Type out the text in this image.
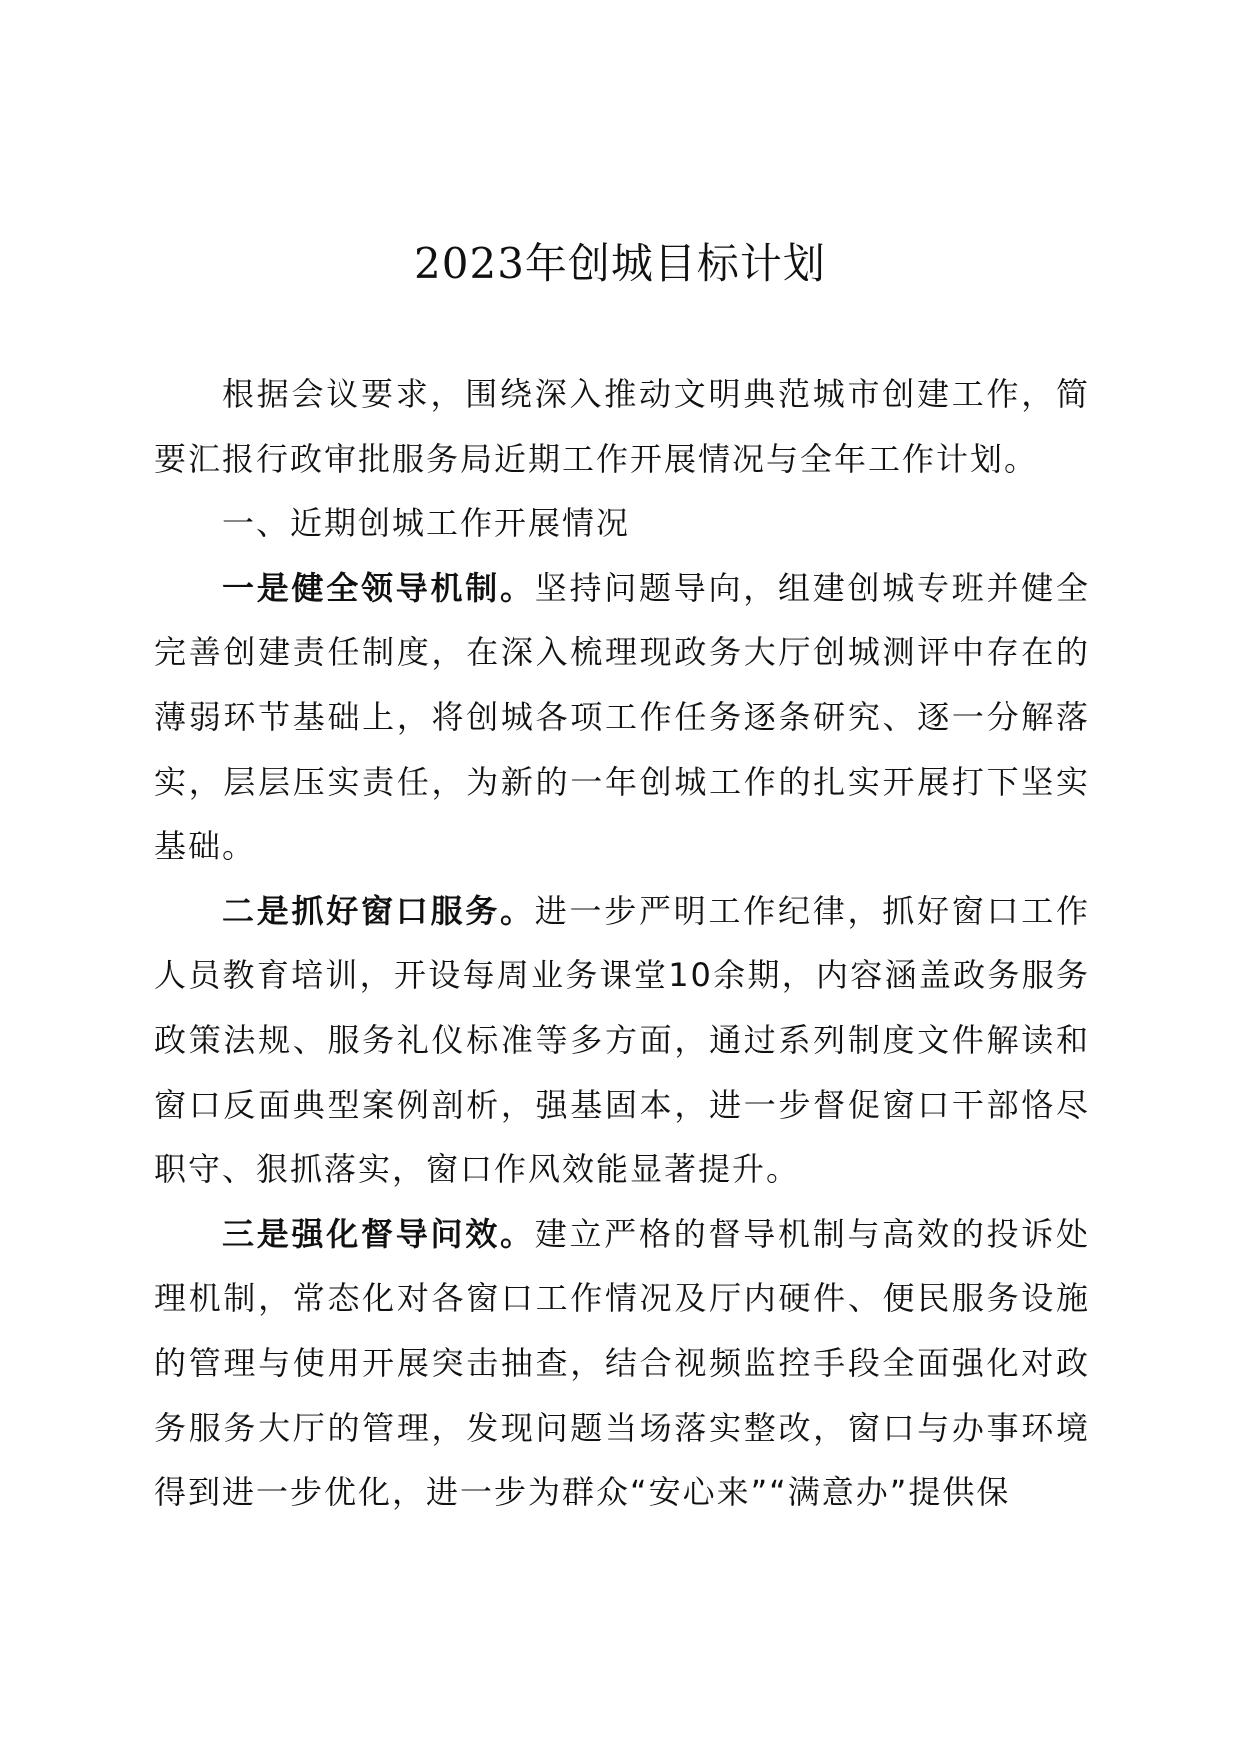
2023年创城目标计划

根据会议要求，围绕深入推动文明典范城市创建工作，简要汇报行政审批服务局近期工作开展情况与全年工作计划。

一、近期创城工作开展情况

一是健全领导机制。坚持问题导向，组建创城专班并健全完善创建责任制度，在深入梳理现政务大厅创城测评中存在的薄弱环节基础上，将创城各项工作任务逐条研究、逐一分解落实，层层压实责任，为新的一年创城工作的扎实开展打下坚实基础。

二是抓好窗口服务。进一步严明工作纪律，抓好窗口工作人员教育培训，开设每周业务课堂10余期，内容涵盖政务服务政策法规、服务礼仪标准等多方面，通过系列制度文件解读和窗口反面典型案例剖析，强基固本，进一步督促窗口干部恪尽职守、狠抓落实，窗口作风效能显著提升。

三是强化督导问效。建立严格的督导机制与高效的投诉处理机制，常态化对各窗口工作情况及厅内硬件、便民服务设施的管理与使用开展突击抽查，结合视频监控手段全面强化对政务服务大厅的管理，发现问题当场落实整改，窗口与办事环境得到进一步优化，进一步为群众“安心来”“满意办”提供保
